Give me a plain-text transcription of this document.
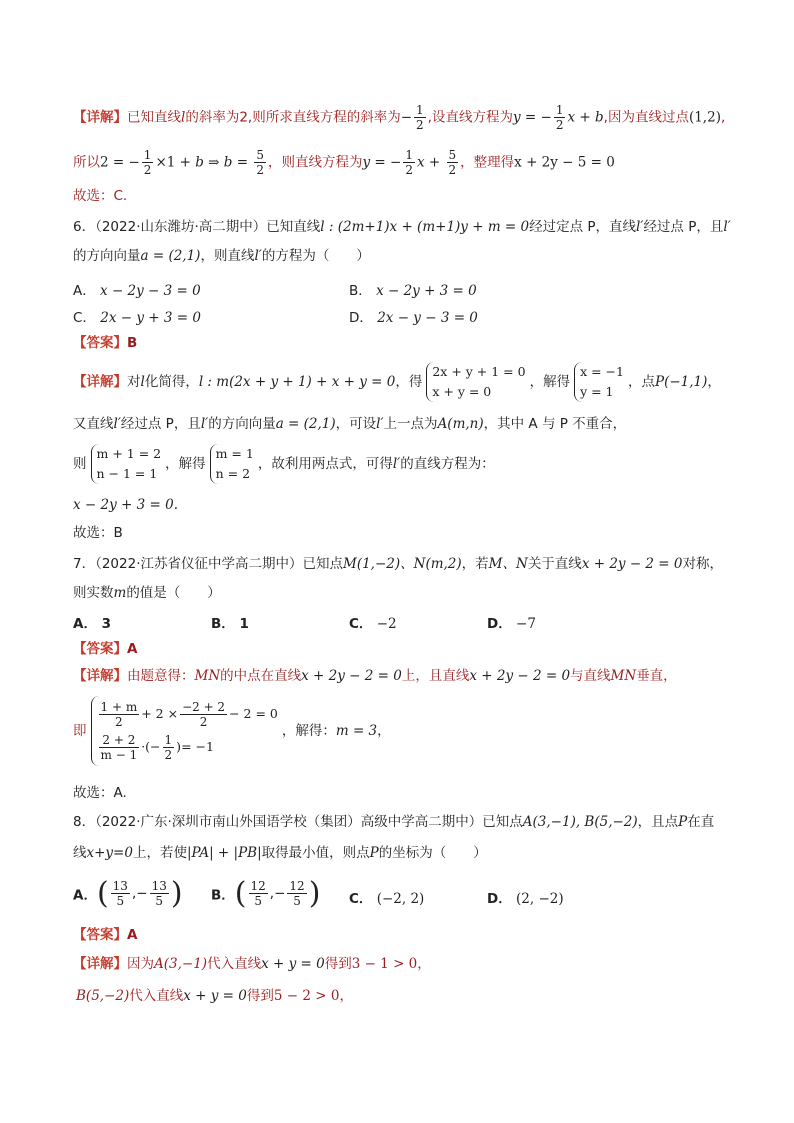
【详解】已知直线l的斜率为2,则所求直线方程的斜率为− $\frac{1}{2}$ ,设直线方程为y = − $\frac{1}{2}$ x + b,因为直线过点(1,2),
所以2 = − $\frac{1}{2} \times 1 + b$ ⇒ $b = \frac{5}{2}$ ，则直线方程为y = − $\frac{1}{2}$ $x + \frac{5}{2}$ ，整理得x + 2y − 5 = 0
故选：C.
6．（2022·山东潍坊·高二期中）已知直线l : (2m+1)x + (m+1)y + m = 0经过定点 P，直线l′经过点 P，且l′
的方向向量a = (2,1)，则直线l′的方程为（　　）
A． x − 2y − 3 = 0	B． x − 2y + 3 = 0
C． 2x − y + 3 = 0	D． 2x − y − 3 = 0
【答案】B
【详解】对l化简得，l : m(2x + y + 1) + x + y = 0，得2x + y + 1 = 0
x + y = 0，解得x = −1
y = 1，点P(−1,1)，
又直线l′经过点 P，且l′的方向向量a = (2,1)，可设l′上一点为A(m,n)，其中 A 与 P 不重合，
则m + 1 = 2
n − 1 = 1，解得m = 1
n = 2，故利用两点式，可得l′的直线方程为：
x − 2y + 3 = 0.
故选：B
7．（2022·江苏省仪征中学高二期中）已知点M(1,−2)、N(m,2)，若M、N关于直线x + 2y − 2 = 0对称，
则实数m的值是（　　）
A． 3	B． 1	C． −2	D． −7
【答案】A
【详解】由题意得：MN的中点在直线x + 2y − 2 = 0上，且直线x + 2y − 2 = 0与直线MN垂直，
即
$\frac{1 + m}{2} + 2 \times \frac{-2 + 2}{2} - 2 = 0$

$\frac{2 + 2}{m - 1}$ ·(− $\frac{1}{2}$ )= −1，解得：m = 3，
故选：A.
8．（2022·广东·深圳市南山外国语学校（集团）高级中学高二期中）已知点A(3,−1), B(5,−2)，且点P在直
线x+y=0上，若使|PA| + |PB|取得最小值，则点P的坐标为（　　）
A．( $\frac{13}{5}$ ,− $\frac{13}{5}$ ) B．( $\frac{12}{5}$ ,− $\frac{12}{5}$ ) C． (−2, 2)	D． (2, −2)
【答案】A
【详解】因为A(3,−1)代入直线x + y = 0得到3 − 1 > 0，
B(5,−2)代入直线x + y = 0得到5 − 2 > 0，
